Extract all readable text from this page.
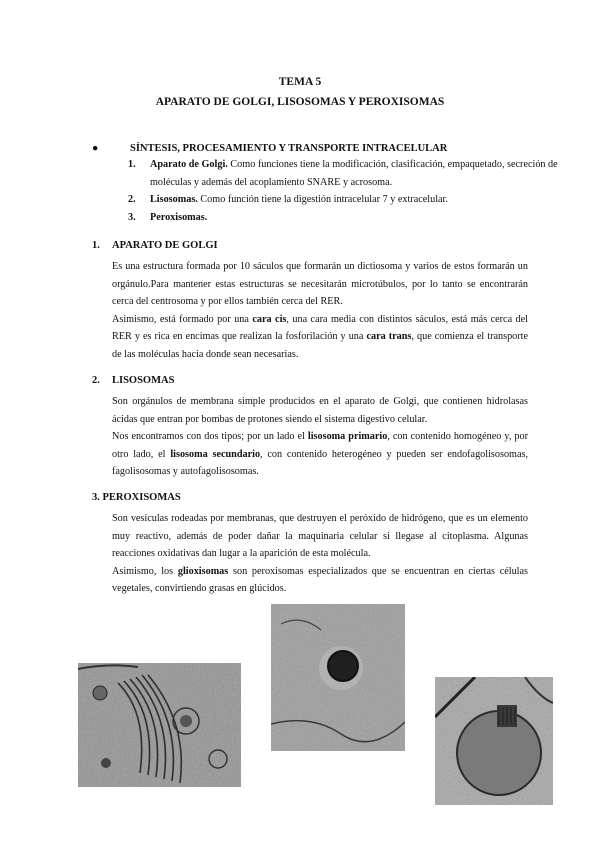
TEMA 5
APARATO DE GOLGI, LISOSOMAS Y PEROXISOMAS
●	SÍNTESIS, PROCESAMIENTO Y TRANSPORTE INTRACELULAR
1. Aparato de Golgi. Como funciones tiene la modificación, clasificación, empaquetado, secreción de moléculas y además del acoplamiento SNARE y acrosoma.
2. Lisosomas. Como función tiene la digestión intracelular 7 y extracelular.
3. Peroxisomas.
1. APARATO DE GOLGI

Es una estructura formada por 10 sáculos que formarán un dictiosoma y varios de estos formarán un orgánulo.Para mantener estas estructuras se necesitarán microtúbulos, por lo tanto se encontrarán cerca del centrosoma y por ellos también cerca del RER.

Asimismo, está formado por una cara cis, una cara media con distintos sáculos, está más cerca del RER y es rica en encimas que realizan la fosforilación y una cara trans, que comienza el transporte de las moléculas hacia donde sean necesarias.

2. LISOSOMAS

Son orgánulos de membrana simple producidos en el aparato de Golgi, que contienen hidrolasas ácidas que entran por bombas de protones siendo el sistema digestivo celular.

Nos encontramos con dos tipos; por un lado el lisosoma primario, con contenido homogéneo y, por otro lado, el lisosoma secundario, con contenido heterogéneo y pueden ser endofagolisosomas, fagolisosomas y autofagolisosomas.

3. PEROXISOMAS

Son vesículas rodeadas por membranas, que destruyen el peróxido de hidrógeno, que es un elemento muy reactivo, además de poder dañar la maquinaria celular si llegase al citoplasma. Algunas reacciones oxidativas dan lugar a la aparición de esta molécula.

Asimismo, los glioxisomas son peroxisomas especializados que se encuentran en ciertas células vegetales, convirtiendo grasas en glúcidos.
